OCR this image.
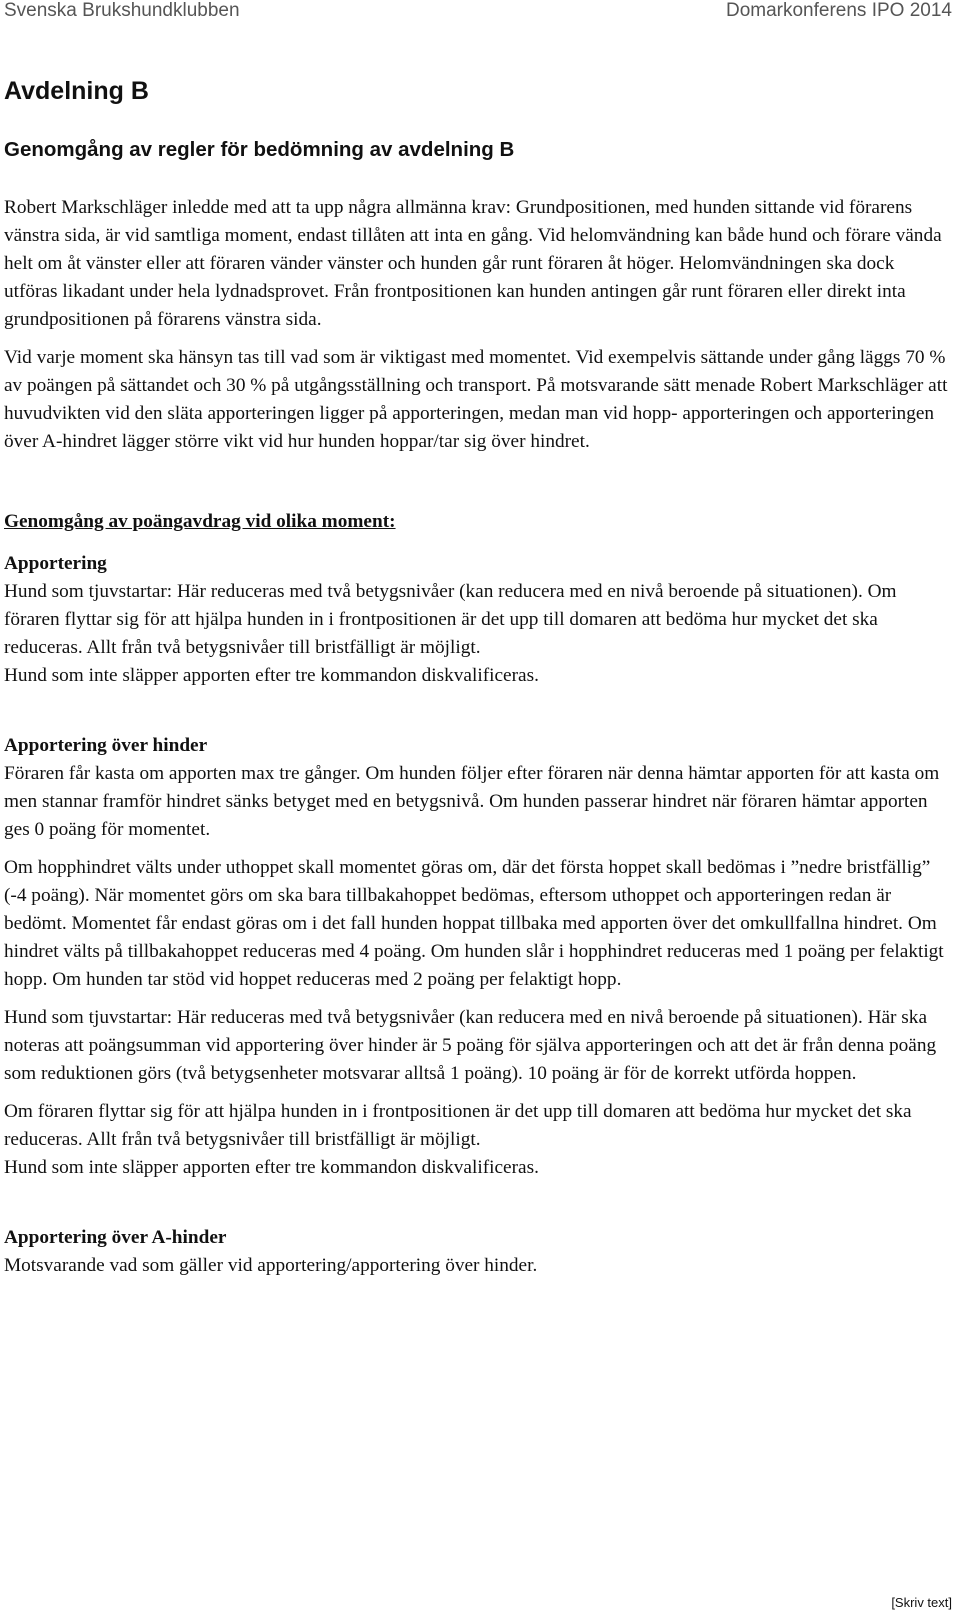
Svenska Brukshundklubben	Domarkonferens IPO 2014
Avdelning B
Genomgång av regler för bedömning av avdelning B

Robert Markschläger inledde med att ta upp några allmänna krav: Grundpositionen, med hunden sittande vid förarens vänstra sida, är vid samtliga moment, endast tillåten att inta en gång. Vid helomvändning kan både hund och förare vända helt om åt vänster eller att föraren vänder vänster och hunden går runt föraren åt höger. Helomvändningen ska dock utföras likadant under hela lydnadsprovet. Från frontpositionen kan hunden antingen går runt föraren eller direkt inta grundpositionen på förarens vänstra sida.

Vid varje moment ska hänsyn tas till vad som är viktigast med momentet. Vid exempelvis sättande under gång läggs 70 % av poängen på sättandet och 30 % på utgångsställning och transport. På motsvarande sätt menade Robert Markschläger att huvudvikten vid den släta apporteringen ligger på apporteringen, medan man vid hopp- apporteringen och apporteringen över A-hindret lägger större vikt vid hur hunden hoppar/tar sig över hindret.

Genomgång av poängavdrag vid olika moment:
Apportering

Hund som tjuvstartar: Här reduceras med två betygsnivåer (kan reducera med en nivå beroende på situationen). Om föraren flyttar sig för att hjälpa hunden in i frontpositionen är det upp till domaren att bedöma hur mycket det ska reduceras. Allt från två betygsnivåer till bristfälligt är möjligt.

Hund som inte släpper apporten efter tre kommandon diskvalificeras.

Apportering över hinder

Föraren får kasta om apporten max tre gånger. Om hunden följer efter föraren när denna hämtar apporten för att kasta om men stannar framför hindret sänks betyget med en betygsnivå. Om hunden passerar hindret när föraren hämtar apporten ges 0 poäng för momentet.

Om hopphindret välts under uthoppet skall momentet göras om, där det första hoppet skall bedömas i ”nedre bristfällig” (-4 poäng). När momentet görs om ska bara tillbakahoppet bedömas, eftersom uthoppet och apporteringen redan är bedömt. Momentet får endast göras om i det fall hunden hoppat tillbaka med apporten över det omkullfallna hindret. Om hindret välts på tillbakahoppet reduceras med 4 poäng. Om hunden slår i hopphindret reduceras med 1 poäng per felaktigt hopp. Om hunden tar stöd vid hoppet reduceras med 2 poäng per felaktigt hopp.

Hund som tjuvstartar: Här reduceras med två betygsnivåer (kan reducera med en nivå beroende på situationen). Här ska noteras att poängsumman vid apportering över hinder är 5 poäng för själva apporteringen och att det är från denna poäng som reduktionen görs (två betygsenheter motsvarar alltså 1 poäng). 10 poäng är för de korrekt utförda hoppen.

Om föraren flyttar sig för att hjälpa hunden in i frontpositionen är det upp till domaren att bedöma hur mycket det ska reduceras. Allt från två betygsnivåer till bristfälligt är möjligt.

Hund som inte släpper apporten efter tre kommandon diskvalificeras.

Apportering över A-hinder

Motsvarande vad som gäller vid apportering/apportering över hinder.

[Skriv text]
